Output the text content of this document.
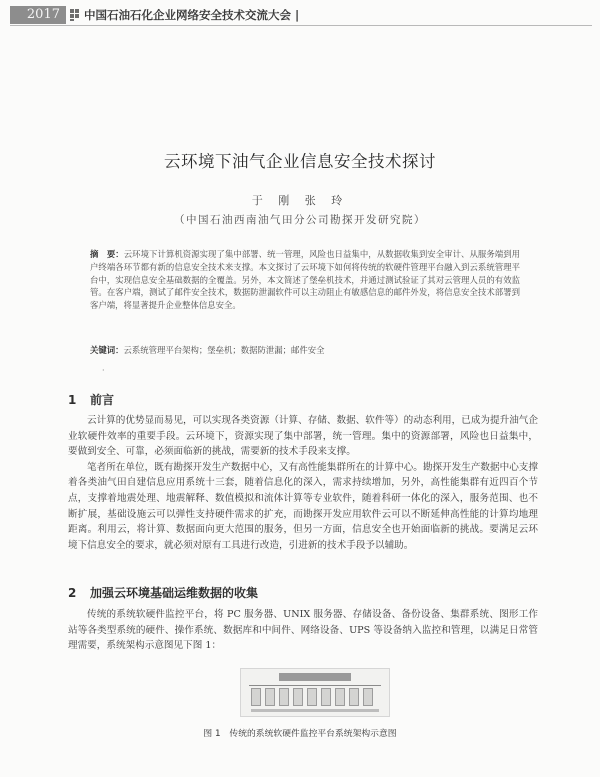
2017	中国石油石化企业网络安全技术交流大会 |
云环境下油气企业信息安全技术探讨
于 刚 张 玲
（中国石油西南油气田分公司勘探开发研究院）
摘　要：云环境下计算机资源实现了集中部署、统一管理，风险也日益集中，从数据收集到安全审计、从服务端到用户终端各环节都有新的信息安全技术来支撑。本文探讨了云环境下如何将传统的软硬件管理平台融入到云系统管理平台中，实现信息安全基础数据的全覆盖。另外，本文简述了堡垒机技术，并通过测试验证了其对云管理人员的有效监管。在客户端，测试了邮件安全技术，数据防泄漏软件可以主动阻止有敏感信息的邮件外发，将信息安全技术部署到客户端，将显著提升企业整体信息安全。
关键词：云系统管理平台架构；堡垒机；数据防泄漏；邮件安全
·
1 前言

云计算的优势显而易见，可以实现各类资源（计算、存储、数据、软件等）的动态利用，已成为提升油气企业软硬件效率的重要手段。云环境下，资源实现了集中部署，统一管理。集中的资源部署，风险也日益集中，要做到安全、可靠，必须面临新的挑战，需要新的技术手段来支撑。

笔者所在单位，既有勘探开发生产数据中心，又有高性能集群所在的计算中心。勘探开发生产数据中心支撑着各类油气田自建信息应用系统十三套，随着信息化的深入，需求持续增加，另外，高性能集群有近四百个节点，支撑着地震处理、地震解释、数值模拟和流体计算等专业软件，随着科研一体化的深入，服务范围、也不断扩展，基础设施云可以弹性支持硬件需求的扩充，而勘探开发应用软件云可以不断延伸高性能的计算均地理距离。利用云，将计算、数据面向更大范围的服务，但另一方面，信息安全也开始面临新的挑战。要满足云环境下信息安全的要求，就必须对原有工具进行改造，引进新的技术手段予以辅助。

2 加强云环境基础运维数据的收集

传统的系统软硬件监控平台，将 PC 服务器、UNIX 服务器、存储设备、备份设备、集群系统、图形工作站等各类型系统的硬件、操作系统、数据库和中间件、网络设备、UPS 等设备纳入监控和管理，以满足日常管理需要，系统架构示意图见下图 1：

图 1　传统的系统软硬件监控平台系统架构示意图
